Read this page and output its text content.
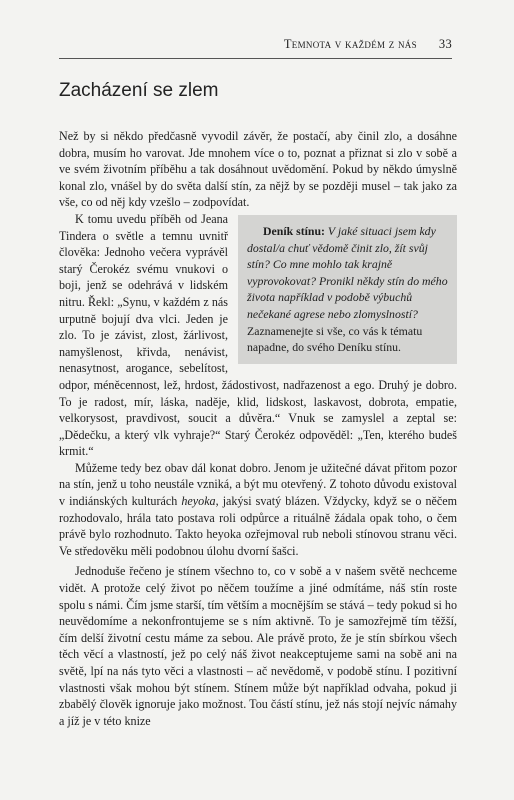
Temnota v každém z nás 33
Zacházení se zlem

Než by si někdo předčasně vyvodil závěr, že postačí, aby činil zlo, a dosáhne dobra, musím ho varovat. Jde mnohem více o to, poznat a přiznat si zlo v sobě a ve svém životním příběhu a tak dosáhnout uvědomění. Pokud by někdo úmyslně konal zlo, vnášel by do světa další stín, za nějž by se později musel – tak jako za vše, co od něj kdy vzešlo – zodpovídat.

Deník stínu: V jaké situaci jsem kdy dostal/a chuť vědomě činit zlo, žít svůj stín? Co mne mohlo tak krajně vyprovokovat? Pronikl někdy stín do mého života například v podobě výbuchů nečekané agrese nebo zlomyslností? Zaznamenejte si vše, co vás k tématu napadne, do svého Deníku stínu.
K tomu uvedu příběh od Jeana Tindera o světle a temnu uvnitř člověka: Jednoho večera vyprávěl starý Čerokéz svému vnukovi o boji, jenž se odehrává v lidském nitru. Řekl: „Synu, v každém z nás urputně bojují dva vlci. Jeden je zlo. To je závist, zlost, žárlivost, namyšlenost, křivda, nenávist, nenasytnost, arogance, sebelítost, odpor, méněcennost, lež, hrdost, žádostivost, nadřazenost a ego. Druhý je dobro. To je radost, mír, láska, naděje, klid, lidskost, laskavost, dobrota, empatie, velkorysost, pravdivost, soucit a důvěra.“ Vnuk se zamyslel a zeptal se: „Dědečku, a který vlk vyhraje?“ Starý Čerokéz odpověděl: „Ten, kterého budeš krmit.“

Můžeme tedy bez obav dál konat dobro. Jenom je užitečné dávat přitom pozor na stín, jenž u toho neustále vzniká, a být mu otevřený. Z tohoto důvodu existoval v indiánských kulturách heyoka, jakýsi svatý blázen. Vždycky, když se o něčem rozhodovalo, hrála tato postava roli odpůrce a rituálně žádala opak toho, o čem právě bylo rozhodnuto. Takto heyoka ozřejmoval rub neboli stínovou stranu věci. Ve středověku měli podobnou úlohu dvorní šašci.

Jednoduše řečeno je stínem všechno to, co v sobě a v našem světě nechceme vidět. A protože celý život po něčem toužíme a jiné odmítáme, náš stín roste spolu s námi. Čím jsme starší, tím větším a mocnějším se stává – tedy pokud si ho neuvědomíme a nekonfrontujeme se s ním aktivně. To je samozřejmě tím těžší, čím delší životní cestu máme za sebou. Ale právě proto, že je stín sbírkou všech těch věcí a vlastností, jež po celý náš život neakceptujeme sami na sobě ani na světě, lpí na nás tyto věci a vlastnosti – ač nevědomě, v podobě stínu. I pozitivní vlastnosti však mohou být stínem. Stínem může být například odvaha, pokud ji zbabělý člověk ignoruje jako možnost. Tou částí stínu, jež nás stojí nejvíc námahy a jíž je v této knize
